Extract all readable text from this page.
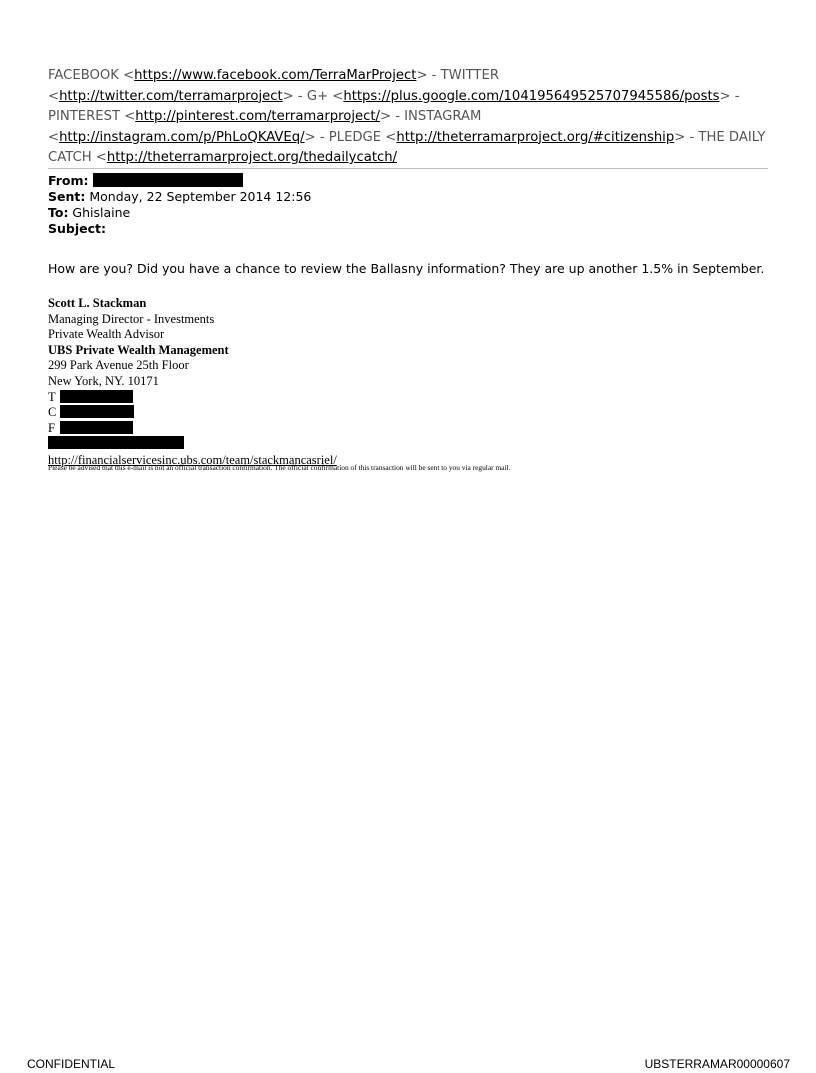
FACEBOOK <https://www.facebook.com/TerraMarProject> - TWITTER
<http://twitter.com/terramarproject> - G+ <https://plus.google.com/104195649525707945586/posts> -
PINTEREST <http://pinterest.com/terramarproject/> - INSTAGRAM
<http://instagram.com/p/PhLoQKAVEq/> - PLEDGE <http://theterramarproject.org/#citizenship> - THE DAILY
CATCH <http://theterramarproject.org/thedailycatch/
From:
Sent: Monday, 22 September 2014 12:56
To: Ghislaine
Subject:
How are you? Did you have a chance to review the Ballasny information? They are up another 1.5% in September.
Scott L. Stackman
Managing Director - Investments
Private Wealth Advisor
UBS Private Wealth Management
299 Park Avenue 25th Floor
New York, NY. 10171
T
C
F
http://financialservicesinc.ubs.com/team/stackmancasriel/
Please be advised that this e-mail is not an official transaction confirmation. The official confirmation of this transaction will be sent to you via regular mail.
CONFIDENTIAL	UBSTERRAMAR00000607
